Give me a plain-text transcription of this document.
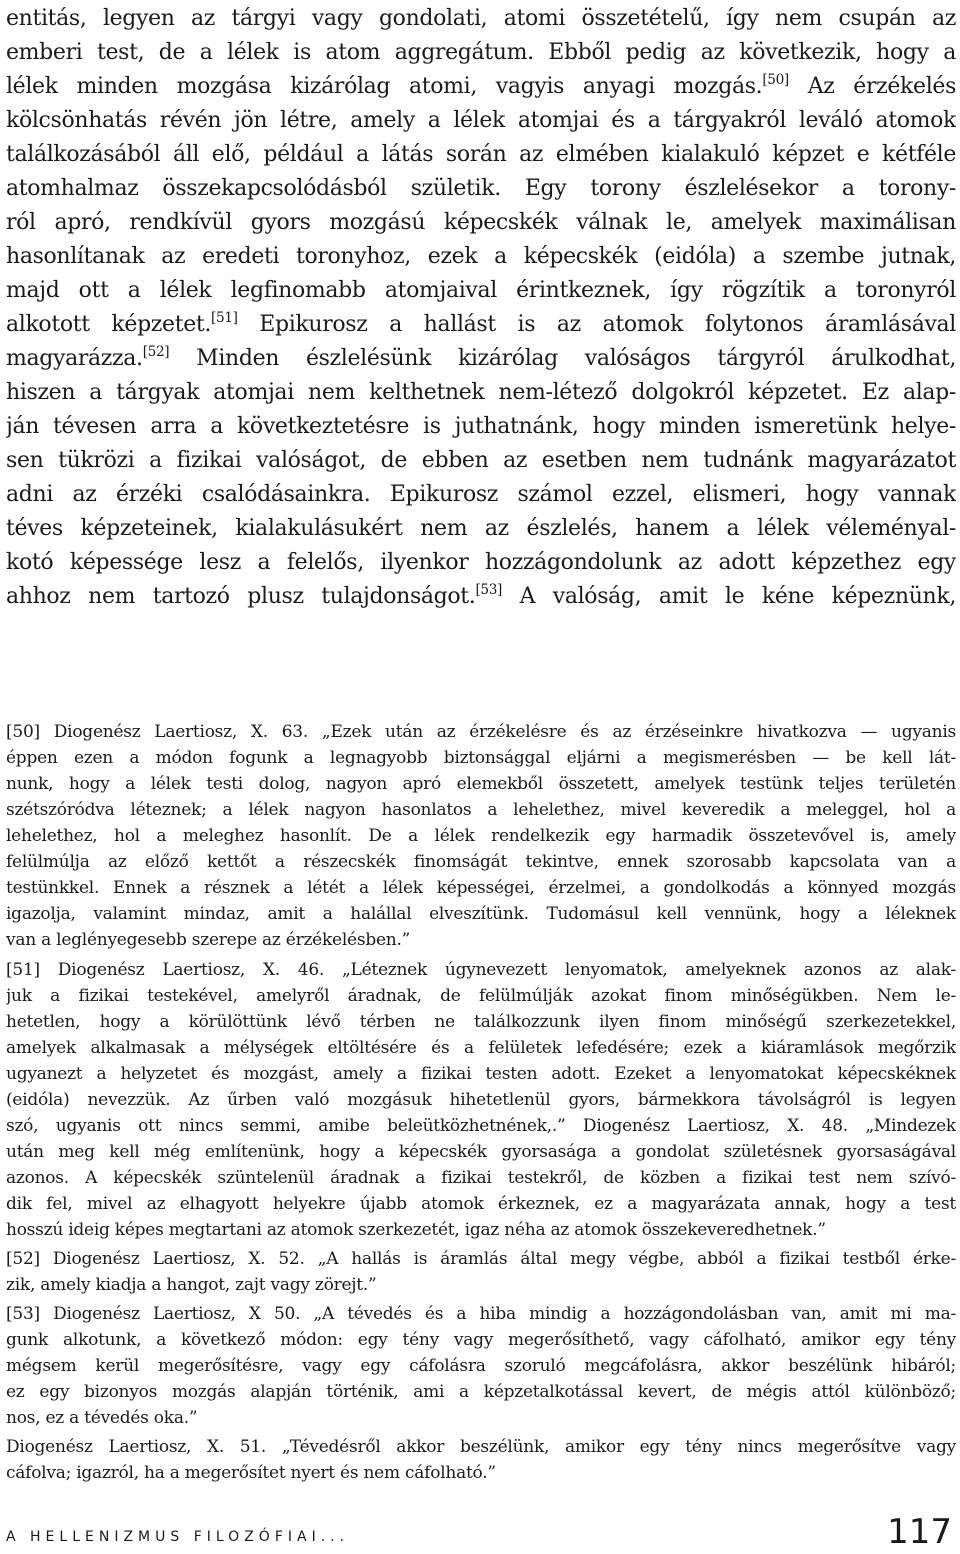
entitás, legyen az tárgyi vagy gondolati, atomi összetételű, így nem csupán az
emberi test, de a lélek is atom aggregátum. Ebből pedig az következik, hogy a
lélek minden mozgása kizárólag atomi, vagyis anyagi mozgás.[50] Az érzékelés
kölcsönhatás révén jön létre, amely a lélek atomjai és a tárgyakról leváló atomok
találkozásából áll elő, például a látás során az elmében kialakuló képzet e kétféle
atomhalmaz összekapcsolódásból születik. Egy torony észlelésekor a torony-
ról apró, rendkívül gyors mozgású képecskék válnak le, amelyek maximálisan
hasonlítanak az eredeti toronyhoz, ezek a képecskék (eidóla) a szembe jutnak,
majd ott a lélek legfinomabb atomjaival érintkeznek, így rögzítik a toronyról
alkotott képzetet.[51] Epikurosz a hallást is az atomok folytonos áramlásával
magyarázza.[52] Minden észlelésünk kizárólag valóságos tárgyról árulkodhat,
hiszen a tárgyak atomjai nem kelthetnek nem-létező dolgokról képzetet. Ez alap-
ján tévesen arra a következtetésre is juthatnánk, hogy minden ismeretünk helye-
sen tükrözi a fizikai valóságot, de ebben az esetben nem tudnánk magyarázatot
adni az érzéki csalódásainkra. Epikurosz számol ezzel, elismeri, hogy vannak
téves képzeteinek, kialakulásukért nem az észlelés, hanem a lélek véleményal-
kotó képessége lesz a felelős, ilyenkor hozzágondolunk az adott képzethez egy
ahhoz nem tartozó plusz tulajdonságot.[53] A valóság, amit le kéne képeznünk,
[50] Diogenész Laertiosz, X. 63. „Ezek után az érzékelésre és az érzéseinkre hivatkozva — ugyanis
éppen ezen a módon fogunk a legnagyobb biztonsággal eljárni a megismerésben — be kell lát-
nunk, hogy a lélek testi dolog, nagyon apró elemekből összetett, amelyek testünk teljes területén
szétszóródva léteznek; a lélek nagyon hasonlatos a lehelethez, mivel keveredik a meleggel, hol a
lehelethez, hol a meleghez hasonlít. De a lélek rendelkezik egy harmadik összetevővel is, amely
felülmúlja az előző kettőt a részecskék finomságát tekintve, ennek szorosabb kapcsolata van a
testünkkel. Ennek a résznek a létét a lélek képességei, érzelmei, a gondolkodás a könnyed mozgás
igazolja, valamint mindaz, amit a halállal elveszítünk. Tudomásul kell vennünk, hogy a léleknek
van a leglényegesebb szerepe az érzékelésben.”
[51] Diogenész Laertiosz, X. 46. „Léteznek úgynevezett lenyomatok, amelyeknek azonos az alak-
juk a fizikai testekével, amelyről áradnak, de felülmúlják azokat finom minőségükben. Nem le-
hetetlen, hogy a körülöttünk lévő térben ne találkozzunk ilyen finom minőségű szerkezetekkel,
amelyek alkalmasak a mélységek eltöltésére és a felületek lefedésére; ezek a kiáramlások megőrzik
ugyanezt a helyzetet és mozgást, amely a fizikai testen adott. Ezeket a lenyomatokat képecskéknek
(eidóla) nevezzük. Az űrben való mozgásuk hihetetlenül gyors, bármekkora távolságról is legyen
szó, ugyanis ott nincs semmi, amibe beleütközhetnének,.” Diogenész Laertiosz, X. 48. „Mindezek
után meg kell még említenünk, hogy a képecskék gyorsasága a gondolat születésnek gyorsaságával
azonos. A képecskék szüntelenül áradnak a fizikai testekről, de közben a fizikai test nem szívó-
dik fel, mivel az elhagyott helyekre újabb atomok érkeznek, ez a magyarázata annak, hogy a test
hosszú ideig képes megtartani az atomok szerkezetét, igaz néha az atomok összekeveredhetnek.”
[52] Diogenész Laertiosz, X. 52. „A hallás is áramlás által megy végbe, abból a fizikai testből érke-
zik, amely kiadja a hangot, zajt vagy zörejt.”
[53] Diogenész Laertiosz, X 50. „A tévedés és a hiba mindig a hozzágondolásban van, amit mi ma-
gunk alkotunk, a következő módon: egy tény vagy megerősíthető, vagy cáfolható, amikor egy tény
mégsem kerül megerősítésre, vagy egy cáfolásra szoruló megcáfolásra, akkor beszélünk hibáról;
ez egy bizonyos mozgás alapján történik, ami a képzetalkotással kevert, de mégis attól különböző;
nos, ez a tévedés oka.”
Diogenész Laertiosz, X. 51. „Tévedésről akkor beszélünk, amikor egy tény nincs megerősítve vagy
cáfolva; igazról, ha a megerősítet nyert és nem cáfolható.”
A HELLENIZMUS FILOZÓFIAI...	117
